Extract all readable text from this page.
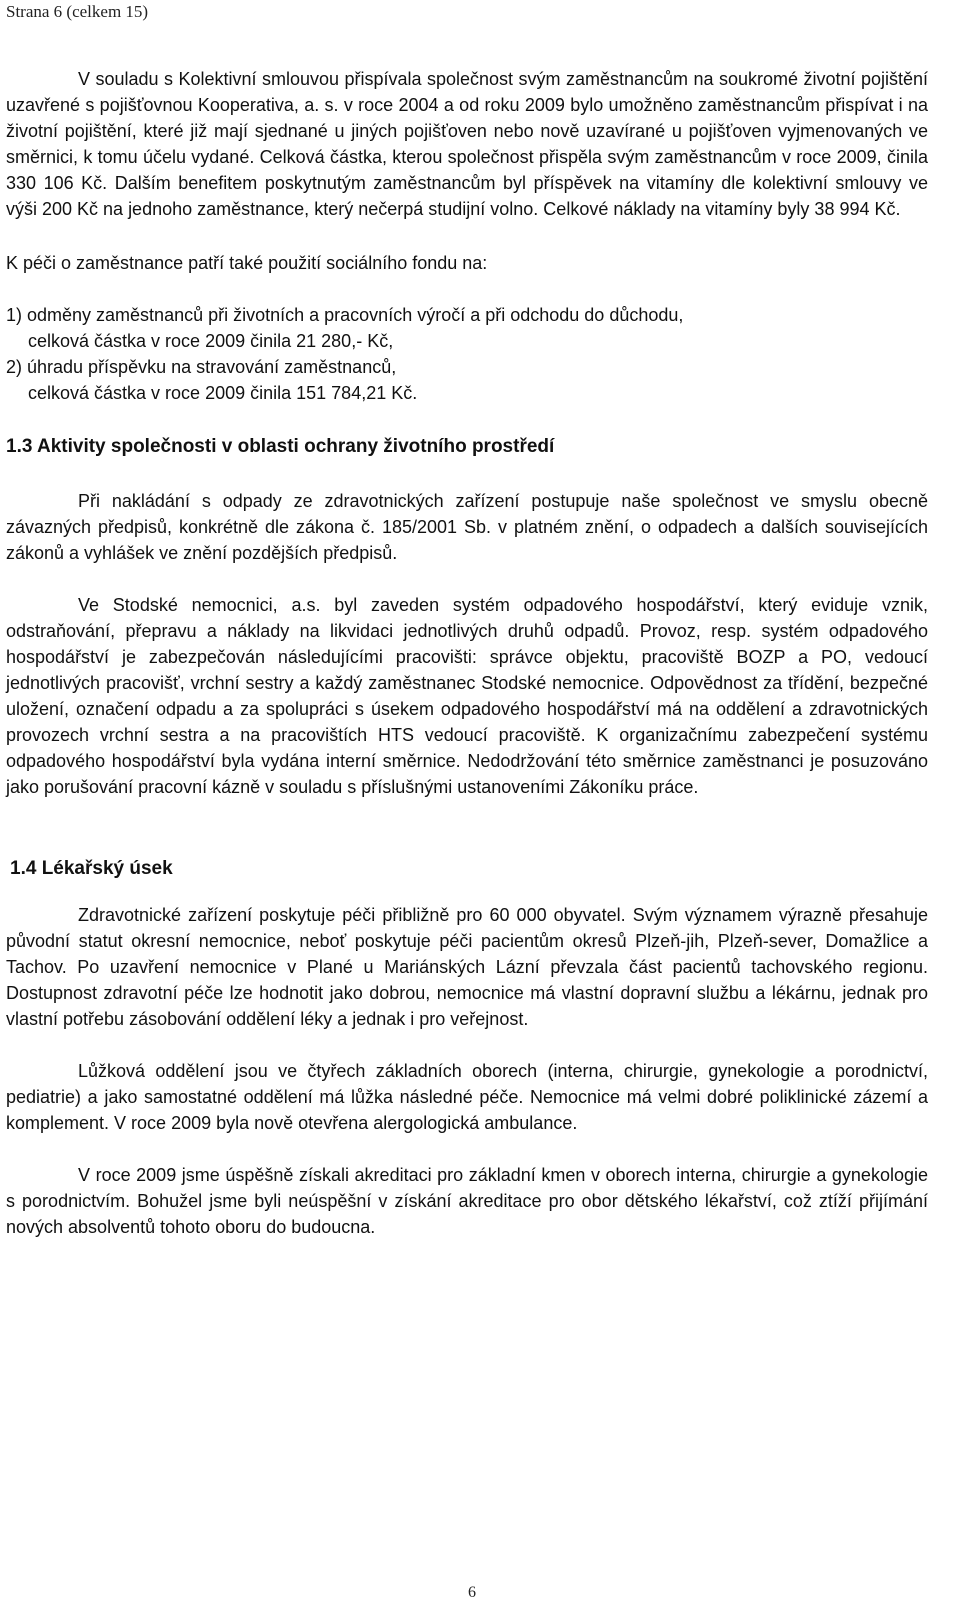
Strana 6 (celkem 15)

V souladu s Kolektivní smlouvou přispívala společnost svým zaměstnancům na soukromé životní pojištění uzavřené s pojišťovnou Kooperativa, a. s. v roce 2004 a od roku 2009 bylo umožněno zaměstnancům přispívat i na životní pojištění, které již mají sjednané u jiných pojišťoven nebo nově uzavírané u pojišťoven vyjmenovaných ve směrnici, k tomu účelu vydané. Celková částka, kterou společnost přispěla svým zaměstnancům v roce 2009, činila 330 106 Kč. Dalším benefitem poskytnutým zaměstnancům byl příspěvek na vitamíny dle kolektivní smlouvy ve výši 200 Kč na jednoho zaměstnance, který nečerpá studijní volno. Celkové náklady na vitamíny byly 38 994 Kč.

K péči o zaměstnance patří také použití sociálního fondu na:

1) odměny zaměstnanců při životních a pracovních výročí a při odchodu do důchodu,

celková částka v roce 2009 činila 21 280,- Kč,

2) úhradu příspěvku na stravování zaměstnanců,

celková částka v roce 2009 činila 151 784,21 Kč.

1.3 Aktivity společnosti v oblasti ochrany životního prostředí

Při nakládání s odpady ze zdravotnických zařízení postupuje naše společnost ve smyslu obecně závazných předpisů, konkrétně dle zákona č. 185/2001 Sb. v platném znění, o odpadech a dalších souvisejících zákonů a vyhlášek ve znění pozdějších předpisů.

Ve Stodské nemocnici, a.s. byl zaveden systém odpadového hospodářství, který eviduje vznik, odstraňování, přepravu a náklady na likvidaci jednotlivých druhů odpadů. Provoz, resp. systém odpadového hospodářství je zabezpečován následujícími pracovišti: správce objektu, pracoviště BOZP a PO, vedoucí jednotlivých pracovišť, vrchní sestry a každý zaměstnanec Stodské nemocnice. Odpovědnost za třídění, bezpečné uložení, označení odpadu a za spolupráci s úsekem odpadového hospodářství má na oddělení a zdravotnických provozech vrchní sestra a na pracovištích HTS vedoucí pracoviště. K organizačnímu zabezpečení systému odpadového hospodářství byla vydána interní směrnice. Nedodržování této směrnice zaměstnanci je posuzováno jako porušování pracovní kázně v souladu s příslušnými ustanoveními Zákoníku práce.

1.4 Lékařský úsek

Zdravotnické zařízení poskytuje péči přibližně pro 60 000 obyvatel. Svým významem výrazně přesahuje původní statut okresní nemocnice, neboť poskytuje péči pacientům okresů Plzeň-jih, Plzeň-sever, Domažlice a Tachov. Po uzavření nemocnice v Plané u Mariánských Lázní převzala část pacientů tachovského regionu. Dostupnost zdravotní péče lze hodnotit jako dobrou, nemocnice má vlastní dopravní službu a lékárnu, jednak pro vlastní potřebu zásobování oddělení léky a jednak i pro veřejnost.

Lůžková oddělení jsou ve čtyřech základních oborech (interna, chirurgie, gynekologie a porodnictví, pediatrie) a jako samostatné oddělení má lůžka následné péče. Nemocnice má velmi dobré poliklinické zázemí a komplement. V roce 2009 byla nově otevřena alergologická ambulance.

V roce 2009 jsme úspěšně získali akreditaci pro základní kmen v oborech interna, chirurgie a gynekologie s porodnictvím. Bohužel jsme byli neúspěšní v získání akreditace pro obor dětského lékařství, což ztíží přijímání nových absolventů tohoto oboru do budoucna.

6
